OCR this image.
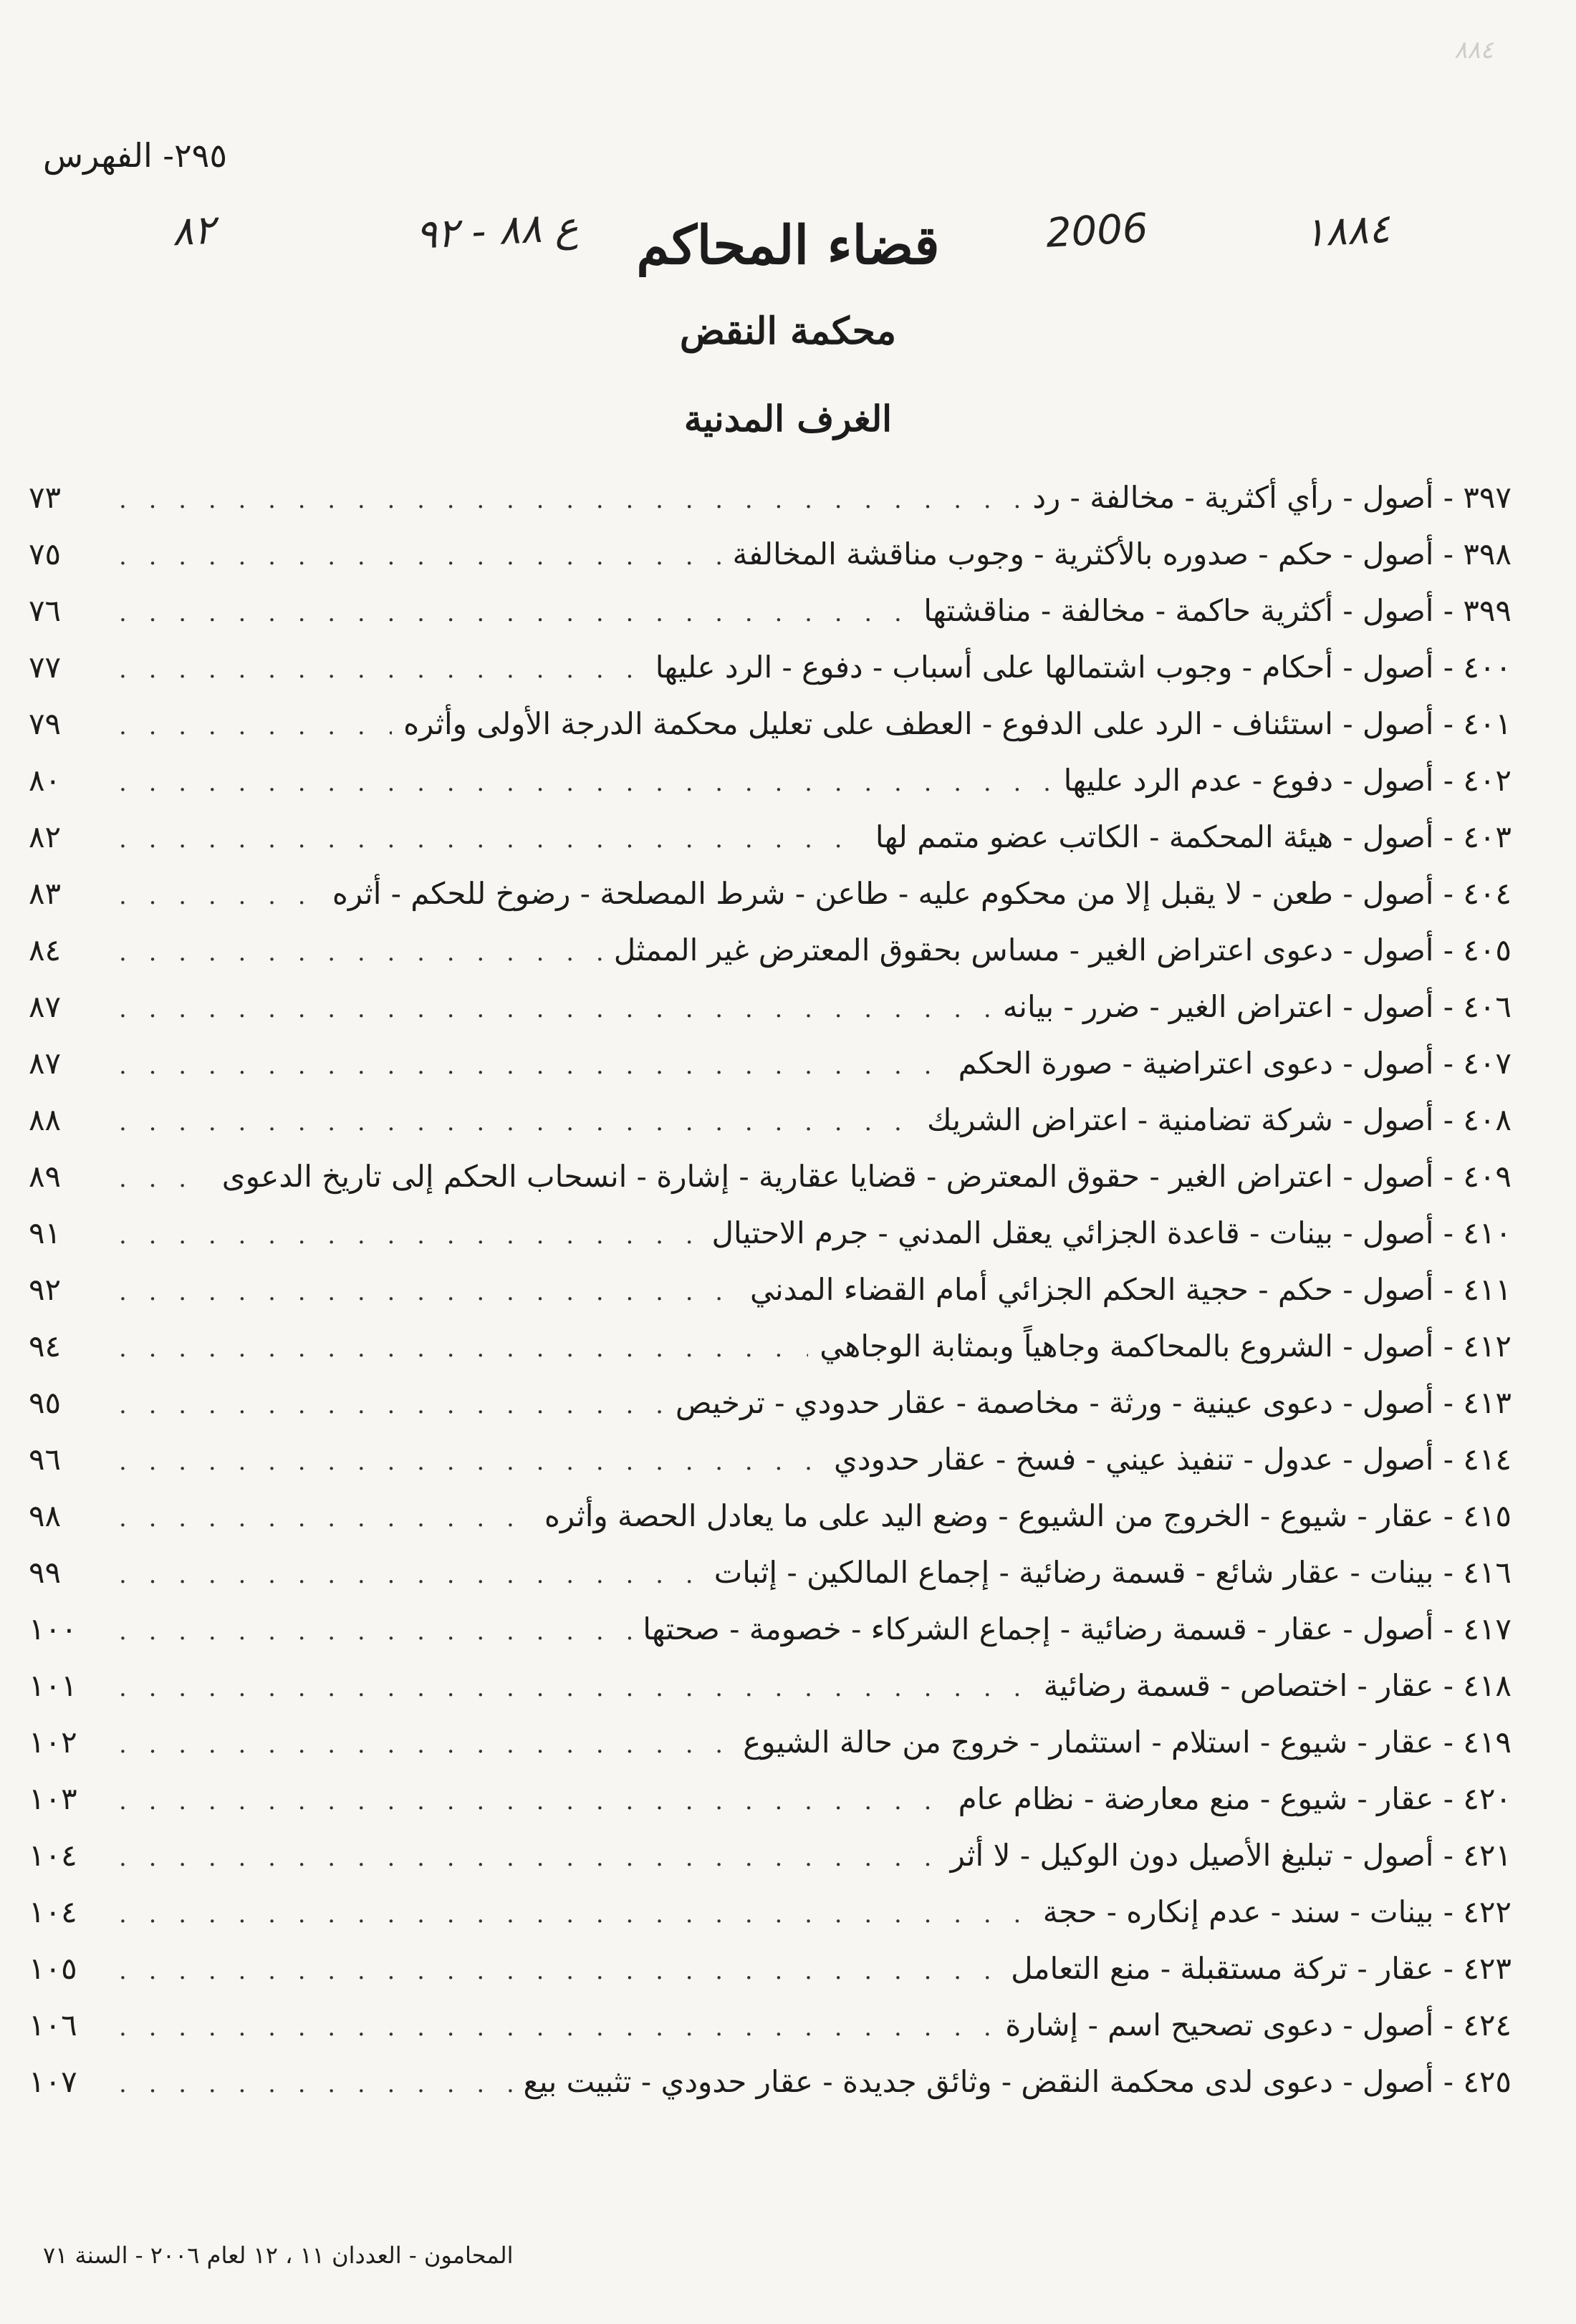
٨٨٤
٢٩٥- الفهرس
١٨٨٤
2006
ع ٨٨ - ٩٢
٨٢	قضاء المحاكم
محكمة النقض
الغرف المدنية
٣٩٧ - أصول - رأي أكثرية - مخالفة - رد
. . .
٧٣
٣٩٨ - أصول - حكم - صدوره بالأكثرية - وجوب مناقشة المخالفة
. . .
٧٥
٣٩٩ - أصول - أكثرية حاكمة - مخالفة - مناقشتها
. . .
٧٦
٤٠٠ - أصول - أحكام - وجوب اشتمالها على أسباب - دفوع - الرد عليها
. . .
٧٧
٤٠١ - أصول - استئناف - الرد على الدفوع - العطف على تعليل محكمة الدرجة الأولى وأثره
. . .
٧٩
٤٠٢ - أصول - دفوع - عدم الرد عليها
. . .
٨٠
٤٠٣ - أصول - هيئة المحكمة - الكاتب عضو متمم لها
. . .
٨٢
٤٠٤ - أصول - طعن - لا يقبل إلا من محكوم عليه - طاعن - شرط المصلحة - رضوخ للحكم - أثره
. . .
٨٣
٤٠٥ - أصول - دعوى اعتراض الغير - مساس بحقوق المعترض غير الممثل
. . .
٨٤
٤٠٦ - أصول - اعتراض الغير - ضرر - بيانه
. . .
٨٧
٤٠٧ - أصول - دعوى اعتراضية - صورة الحكم
. . .
٨٧
٤٠٨ - أصول - شركة تضامنية - اعتراض الشريك
. . .
٨٨
٤٠٩ - أصول - اعتراض الغير - حقوق المعترض - قضايا عقارية - إشارة - انسحاب الحكم إلى تاريخ الدعوى
. . .
٨٩
٤١٠ - أصول - بينات - قاعدة الجزائي يعقل المدني - جرم الاحتيال
. . .
٩١
٤١١ - أصول - حكم - حجية الحكم الجزائي أمام القضاء المدني
. . .
٩٢
٤١٢ - أصول - الشروع بالمحاكمة وجاهياً وبمثابة الوجاهي
. . .
٩٤
٤١٣ - أصول - دعوى عينية - ورثة - مخاصمة - عقار حدودي - ترخيص
. . .
٩٥
٤١٤ - أصول - عدول - تنفيذ عيني - فسخ - عقار حدودي
. . .
٩٦
٤١٥ - عقار - شيوع - الخروج من الشيوع - وضع اليد على ما يعادل الحصة وأثره
. . .
٩٨
٤١٦ - بينات - عقار شائع - قسمة رضائية - إجماع المالكين - إثبات
. . .
٩٩
٤١٧ - أصول - عقار - قسمة رضائية - إجماع الشركاء - خصومة - صحتها
. . .
١٠٠
٤١٨ - عقار - اختصاص - قسمة رضائية
. . .
١٠١
٤١٩ - عقار - شيوع - استلام - استثمار - خروج من حالة الشيوع
. . .
١٠٢
٤٢٠ - عقار - شيوع - منع معارضة - نظام عام
. . .
١٠٣
٤٢١ - أصول - تبليغ الأصيل دون الوكيل - لا أثر
. . .
١٠٤
٤٢٢ - بينات - سند - عدم إنكاره - حجة
. . .
١٠٤
٤٢٣ - عقار - تركة مستقبلة - منع التعامل
. . .
١٠٥
٤٢٤ - أصول - دعوى تصحيح اسم - إشارة
. . .
١٠٦
٤٢٥ - أصول - دعوى لدى محكمة النقض - وثائق جديدة - عقار حدودي - تثبيت بيع
. . .
١٠٧
المحامون - العددان ١١ ، ١٢ لعام ٢٠٠٦ - السنة ٧١
